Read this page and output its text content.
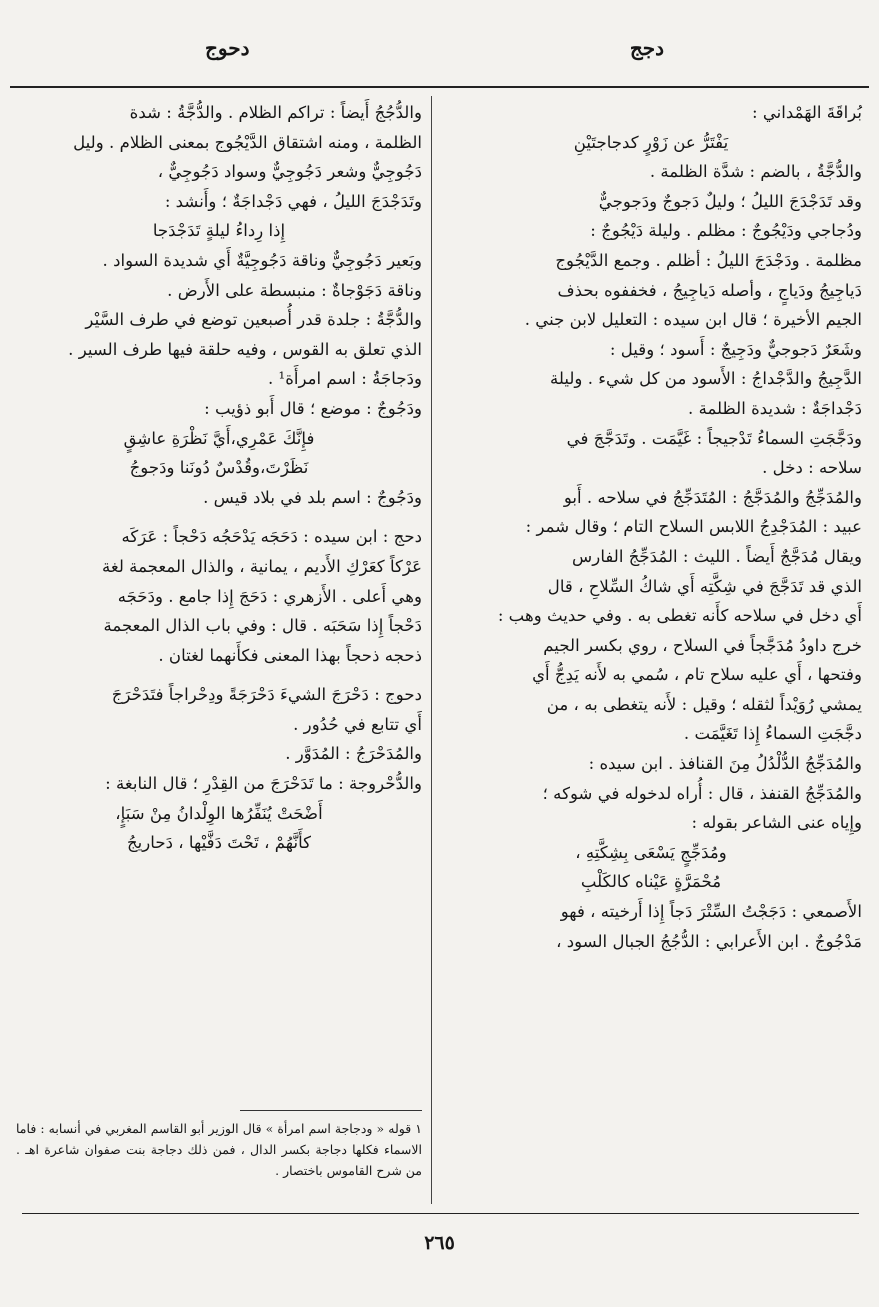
دجج
دحوج

بُراقَةَ الهَمْداني :

يَفْتَرُّ عن زَوْرٍ كدجاجتَيْنِ

والدُّجَّةُ ، بالضم : شدَّة الظلمة .

وقد تَدَجْدَجَ الليلُ ؛ وليلٌ دَجوجٌ ودَجوجيٌّ

ودُجاجي ودَيْجُوجٌ : مظلم . وليلة دَيْجُوجٌ :

مظلمة . ودَجْدَجَ الليلُ : أظلم . وجمع الدَّيْجُوج

دَياجِيجُ ودَياجٍ ، وأصله دَياجِيجُ ، فخففوه بحذف

الجيم الأخيرة ؛ قال ابن سيده : التعليل لابن جني .

وشَعَرٌ دَجوجيٌّ ودَجِيجٌ : أَسود ؛ وقيل :

الدَّجِيجُ والدَّجْداجُ : الأَسود من كل شيء . وليلة

دَجْداجَةٌ : شديدة الظلمة .

ودَجَّجَتِ السماءُ تَدْجيجاً : غَيَّمَت . وتَدَجَّجَ في

سلاحه : دخل .

والمُدَجِّجُ والمُدَجَّجُ : المُتَدَجِّجُ في سلاحه . أَبو

عبيد : المُدَجْدِجُ اللابس السلاح التام ؛ وقال شمر :

ويقال مُدَجَّجٌ أَيضاً . الليث : المُدَجِّجُ الفارس

الذي قد تَدَجَّجَ في شِكَّتِه أَي شاكُ السِّلاحِ ، قال

أَي دخل في سلاحه كأَنه تغطى به . وفي حديث وهب :

خرج داودُ مُدَجَّجاً في السلاح ، روي بكسر الجيم

وفتحها ، أَي عليه سلاح تام ، سُمي به لأَنه يَدِجُّ أَي

يمشي رُوَيْداً لثقله ؛ وقيل : لأَنه يتغطى به ، من

دجَّجَتِ السماءُ إِذا تَغَيَّمَت .

والمُدَجِّجُ الدُّلْدُلُ مِنَ القنافذ . ابن سيده :

والمُدَجِّجُ القنفذ ، قال : أُراه لدخوله في شوكه ؛

وإِياه عنى الشاعر بقوله :

ومُدَجِّجٍ يَسْعَى بِشِكَّتِهِ ،

مُحْمَرَّةٍ عَيْناه كالكَلْبِ

الأَصمعي : دَجَجْتُ السِّتْرَ دَجاً إِذا أَرخيته ، فهو

مَدْجُوجٌ . ابن الأَعرابي : الدُّجُجُ الجبال السود ،

والدُّجُجُ أَيضاً : تراكم الظلام . والدُّجَّةُ : شدة

الظلمة ، ومنه اشتقاق الدَّيْجُوج بمعنى الظلام . وليل

دَجُوجِيٌّ وشعر دَجُوجِيٌّ وسواد دَجُوجِيٌّ ،

وتَدَجْدَجَ الليلُ ، فهي دَجْداجَةٌ ؛ وأَنشد :

إِذا رِداءُ ليلةٍ تَدَجْدَجا

وبَعير دَجُوجِيٌّ وناقة دَجُوجِيَّةٌ أَي شديدة السواد .

وناقة دَجَوْجاةٌ : منبسطة على الأَرض .

والدُّجَّةُ : جلدة قدر أُصبعين توضع في طرف السَّيْر

الذي تعلق به القوس ، وفيه حلقة فيها طرف السير .

ودَجاجَةُ : اسم امرأَة¹ .

ودَجُوجٌ : موضع ؛ قال أَبو ذؤيب :

فإِنَّكَ عَمْرِي،أَيَّ نَظْرَةِ عاشِقٍ

نَظَرْتَ،وقُدْسٌ دُونَنا ودَجوجُ

ودَجُوجٌ : اسم بلد في بلاد قيس .

دحج : ابن سيده : دَحَجَه يَدْحَجُه دَحْجاً : عَرَكَه

عَرْكاً كعَرْكِ الأَديم ، يمانية ، والذال المعجمة لغة

وهي أَعلى . الأَزهري : دَحَجَ إِذا جامع . ودَحَجَه

دَحْجاً إِذا سَحَبَه . قال : وفي باب الذال المعجمة

ذحجه ذحجاً بهذا المعنى فكأَنهما لغتان .

دحوج : دَحْرَجَ الشيءَ دَحْرَجَةً ودِحْراجاً فتَدَحْرَجَ

أَي تتابع في حُدُور .

والمُدَحْرَجُ : المُدَوَّر .

والدُّحْروجة : ما تَدَحْرَجَ من القِدْرِ ؛ قال النابغة :

أَضْحَتْ يُنَفِّرُها الوِلْدانُ مِنْ سَبَإٍ،

كأَنَّهُمْ ، تَحْتَ دَفَّيْها ، دَحاريجُ

١ قوله « ودجاجة اسم امرأة » قال الوزير أبو القاسم المغربي في أنسابه : فاما الاسماء فكلها دجاجة بكسر الدال ، فمن ذلك دجاجة بنت صفوان شاعرة اهـ . من شرح القاموس باختصار .
٢٦٥
